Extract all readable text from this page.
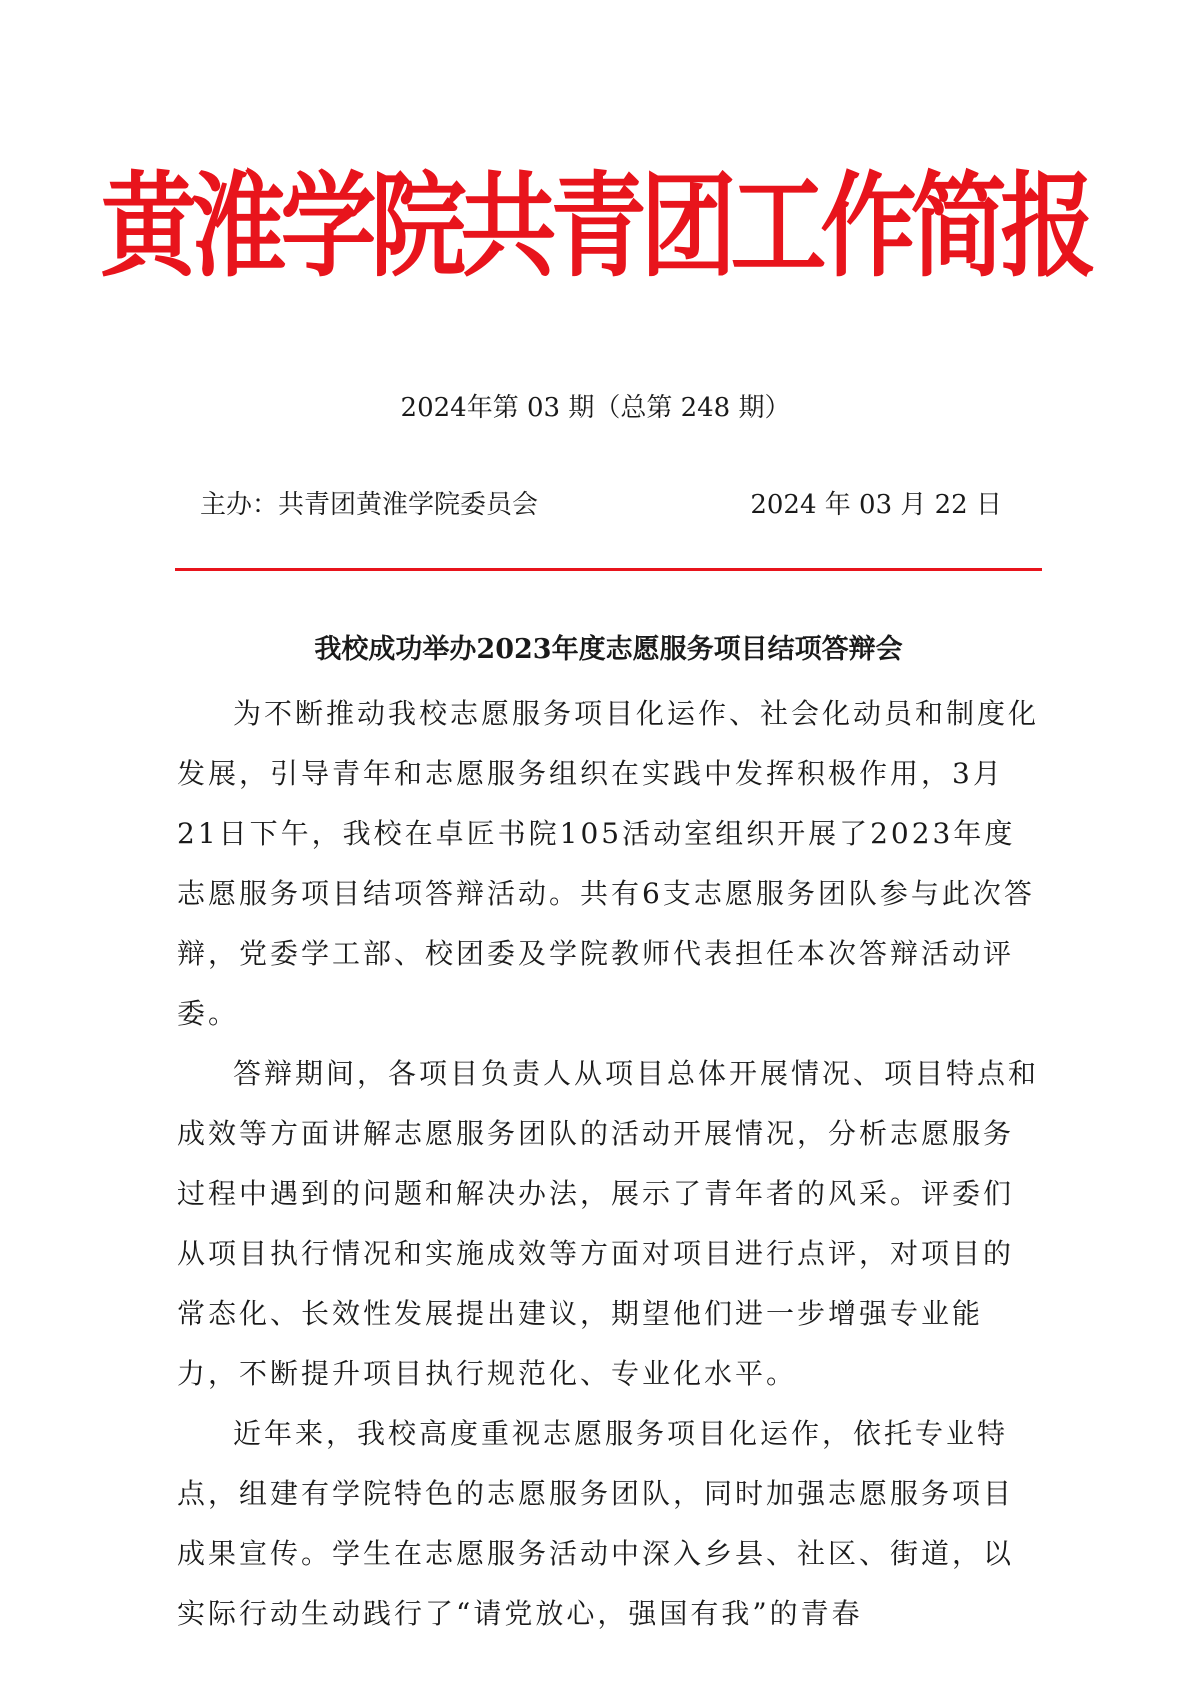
黄淮学院共青团工作简报
2024年第 03 期（总第 248 期）
主办：共青团黄淮学院委员会	2024 年 03 月 22 日
我校成功举办2023年度志愿服务项目结项答辩会

为不断推动我校志愿服务项目化运作、社会化动员和制度化发展，引导青年和志愿服务组织在实践中发挥积极作用，3月21日下午，我校在卓匠书院105活动室组织开展了2023年度志愿服务项目结项答辩活动。共有6支志愿服务团队参与此次答辩，党委学工部、校团委及学院教师代表担任本次答辩活动评委。

答辩期间，各项目负责人从项目总体开展情况、项目特点和成效等方面讲解志愿服务团队的活动开展情况，分析志愿服务过程中遇到的问题和解决办法，展示了青年者的风采。评委们从项目执行情况和实施成效等方面对项目进行点评，对项目的常态化、长效性发展提出建议，期望他们进一步增强专业能力，不断提升项目执行规范化、专业化水平。

近年来，我校高度重视志愿服务项目化运作，依托专业特点，组建有学院特色的志愿服务团队，同时加强志愿服务项目成果宣传。学生在志愿服务活动中深入乡县、社区、街道，以实际行动生动践行了“请党放心，强国有我”的青春
